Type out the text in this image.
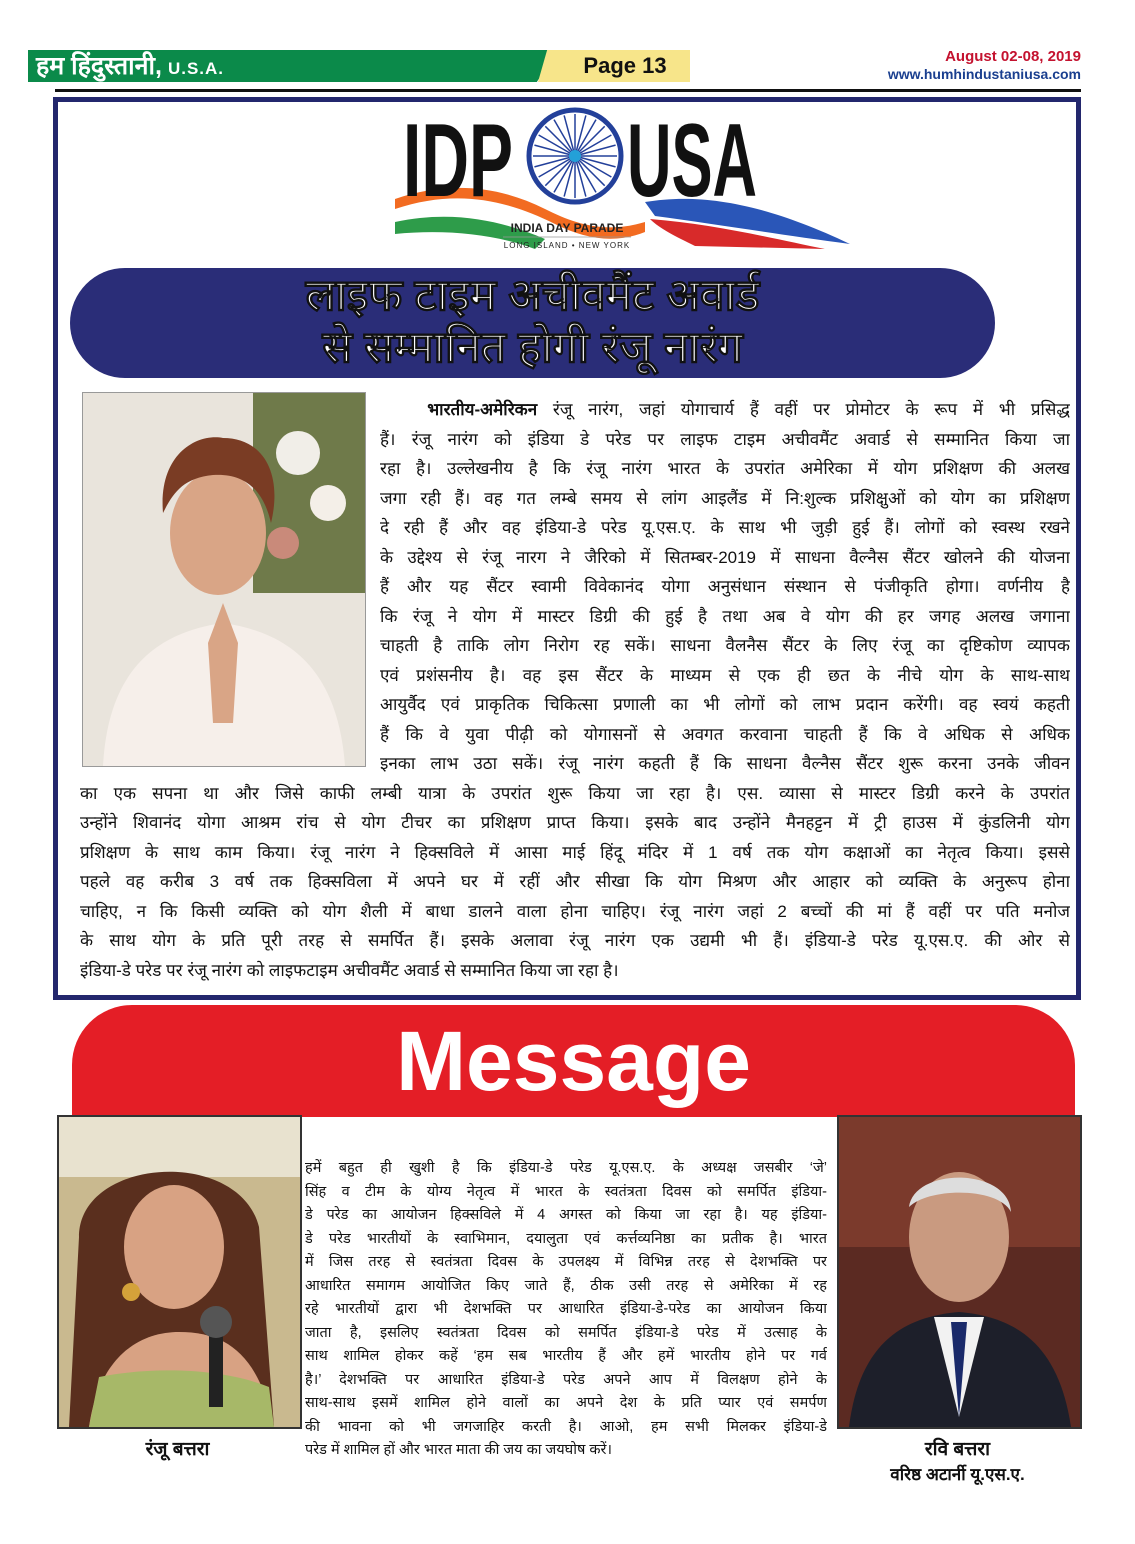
हम हिंदुस्तानी, U.S.A.	Page 13	August 02-08, 2019
www.humhindustaniusa.com
IDP USA
INDIA DAY PARADE
LONG ISLAND • NEW YORK
लाइफ टाइम अचीवमैंट अवार्ड
से सम्मानित होगी रंजू नारंग
भारतीय-अमेरिकन रंजू नारंग, जहां योगाचार्य हैं वहीं पर प्रोमोटर के रूप में भी प्रसिद्ध
हैं। रंजू नारंग को इंडिया डे परेड पर लाइफ टाइम अचीवमैंट अवार्ड से सम्मानित किया जा
रहा है। उल्लेखनीय है कि रंजू नारंग भारत के उपरांत अमेरिका में योग प्रशिक्षण की अलख
जगा रही हैं। वह गत लम्बे समय से लांग आइलैंड में नि:शुल्क प्रशिक्षुओं को योग का प्रशिक्षण
दे रही हैं और वह इंडिया-डे परेड यू.एस.ए. के साथ भी जुड़ी हुई हैं। लोगों को स्वस्थ रखने
के उद्देश्य से रंजू नारग ने जैरिको में सितम्बर-2019 में साधना वैल्नैस सैंटर खोलने की योजना
हैं और यह सैंटर स्वामी विवेकानंद योगा अनुसंधान संस्थान से पंजीकृति होगा। वर्णनीय है
कि रंजू ने योग में मास्टर डिग्री की हुई है तथा अब वे योग की हर जगह अलख जगाना
चाहती है ताकि लोग निरोग रह सकें। साधना वैलनैस सैंटर के लिए रंजू का दृष्टिकोण व्यापक
एवं प्रशंसनीय है। वह इस सैंटर के माध्यम से एक ही छत के नीचे योग के साथ-साथ
आयुर्वैद एवं प्राकृतिक चिकित्सा प्रणाली का भी लोगों को लाभ प्रदान करेंगी। वह स्वयं कहती
हैं कि वे युवा पीढ़ी को योगासनों से अवगत करवाना चाहती हैं कि वे अधिक से अधिक
इनका लाभ उठा सकें। रंजू नारंग कहती हैं कि साधना वैल्नैस सैंटर शुरू करना उनके जीवन
का एक सपना था और जिसे काफी लम्बी यात्रा के उपरांत शुरू किया जा रहा है। एस. व्यासा से मास्टर डिग्री करने के उपरांत
उन्होंने शिवानंद योगा आश्रम रांच से योग टीचर का प्रशिक्षण प्राप्त किया। इसके बाद उन्होंने मैनहट्टन में ट्री हाउस में कुंडलिनी योग
प्रशिक्षण के साथ काम किया। रंजू नारंग ने हिक्सविले में आसा माई हिंदू मंदिर में 1 वर्ष तक योग कक्षाओं का नेतृत्व किया। इससे
पहले वह करीब 3 वर्ष तक हिक्सविला में अपने घर में रहीं और सीखा कि योग मिश्रण और आहार को व्यक्ति के अनुरूप होना
चाहिए, न कि किसी व्यक्ति को योग शैली में बाधा डालने वाला होना चाहिए। रंजू नारंग जहां 2 बच्चों की मां हैं वहीं पर पति मनोज
के साथ योग के प्रति पूरी तरह से समर्पित हैं। इसके अलावा रंजू नारंग एक उद्यमी भी हैं। इंडिया-डे परेड यू.एस.ए. की ओर से
इंडिया-डे परेड पर रंजू नारंग को लाइफटाइम अचीवमैंट अवार्ड से सम्मानित किया जा रहा है।
Message
रंजू बत्तरा
हमें बहुत ही खुशी है कि इंडिया-डे परेड यू.एस.ए. के अध्यक्ष जसबीर ‘जे’
सिंह व टीम के योग्य नेतृत्व में भारत के स्वतंत्रता दिवस को समर्पित इंडिया-
डे परेड का आयोजन हिक्सविले में 4 अगस्त को किया जा रहा है। यह इंडिया-
डे परेड भारतीयों के स्वाभिमान, दयालुता एवं कर्त्तव्यनिष्ठा का प्रतीक है। भारत
में जिस तरह से स्वतंत्रता दिवस के उपलक्ष्य में विभिन्न तरह से देशभक्ति पर
आधारित समागम आयोजित किए जाते हैं, ठीक उसी तरह से अमेरिका में रह
रहे भारतीयों द्वारा भी देशभक्ति पर आधारित इंडिया-डे-परेड का आयोजन किया
जाता है, इसलिए स्वतंत्रता दिवस को समर्पित इंडिया-डे परेड में उत्साह के
साथ शामिल होकर कहें ‘हम सब भारतीय हैं और हमें भारतीय होने पर गर्व
है।’ देशभक्ति पर आधारित इंडिया-डे परेड अपने आप में विलक्षण होने के
साथ-साथ इसमें शामिल होने वालों का अपने देश के प्रति प्यार एवं समर्पण
की भावना को भी जगजाहिर करती है। आओ, हम सभी मिलकर इंडिया-डे
परेड में शामिल हों और भारत माता की जय का जयघोष करें।	रवि बत्तरा
वरिष्ठ अटार्नी यू.एस.ए.
